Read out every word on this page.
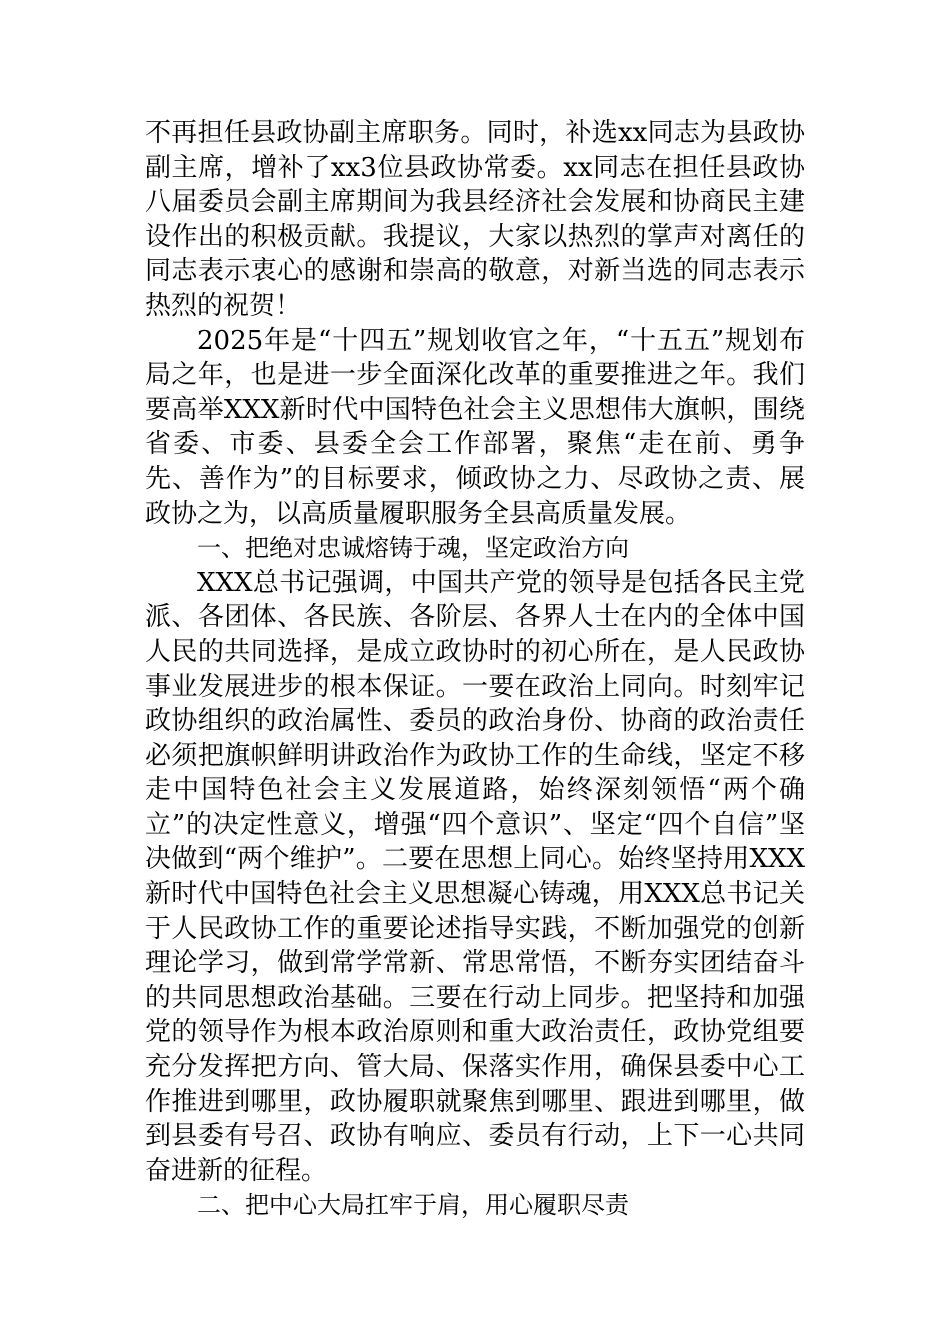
不再担任县政协副主席职务。同时，补选xx同志为县政协副主席，增补了xx3位县政协常委。xx同志在担任县政协八届委员会副主席期间为我县经济社会发展和协商民主建设作出的积极贡献。我提议，大家以热烈的掌声对离任的同志表示衷心的感谢和崇高的敬意，对新当选的同志表示热烈的祝贺！

2025年是“十四五”规划收官之年，“十五五”规划布局之年，也是进一步全面深化改革的重要推进之年。我们要高举XXX新时代中国特色社会主义思想伟大旗帜，围绕省委、市委、县委全会工作部署，聚焦“走在前、勇争先、善作为”的目标要求，倾政协之力、尽政协之责、展政协之为，以高质量履职服务全县高质量发展。

一、把绝对忠诚熔铸于魂，坚定政治方向

XXX总书记强调，中国共产党的领导是包括各民主党派、各团体、各民族、各阶层、各界人士在内的全体中国人民的共同选择，是成立政协时的初心所在，是人民政协事业发展进步的根本保证。一要在政治上同向。时刻牢记政协组织的政治属性、委员的政治身份、协商的政治责任必须把旗帜鲜明讲政治作为政协工作的生命线，坚定不移走中国特色社会主义发展道路，始终深刻领悟“两个确立”的决定性意义，增强“四个意识”、坚定“四个自信”坚决做到“两个维护”。二要在思想上同心。始终坚持用XXX新时代中国特色社会主义思想凝心铸魂，用XXX总书记关于人民政协工作的重要论述指导实践，不断加强党的创新理论学习，做到常学常新、常思常悟，不断夯实团结奋斗的共同思想政治基础。三要在行动上同步。把坚持和加强党的领导作为根本政治原则和重大政治责任，政协党组要充分发挥把方向、管大局、保落实作用，确保县委中心工作推进到哪里，政协履职就聚焦到哪里、跟进到哪里，做到县委有号召、政协有响应、委员有行动，上下一心共同奋进新的征程。

二、把中心大局扛牢于肩，用心履职尽责
